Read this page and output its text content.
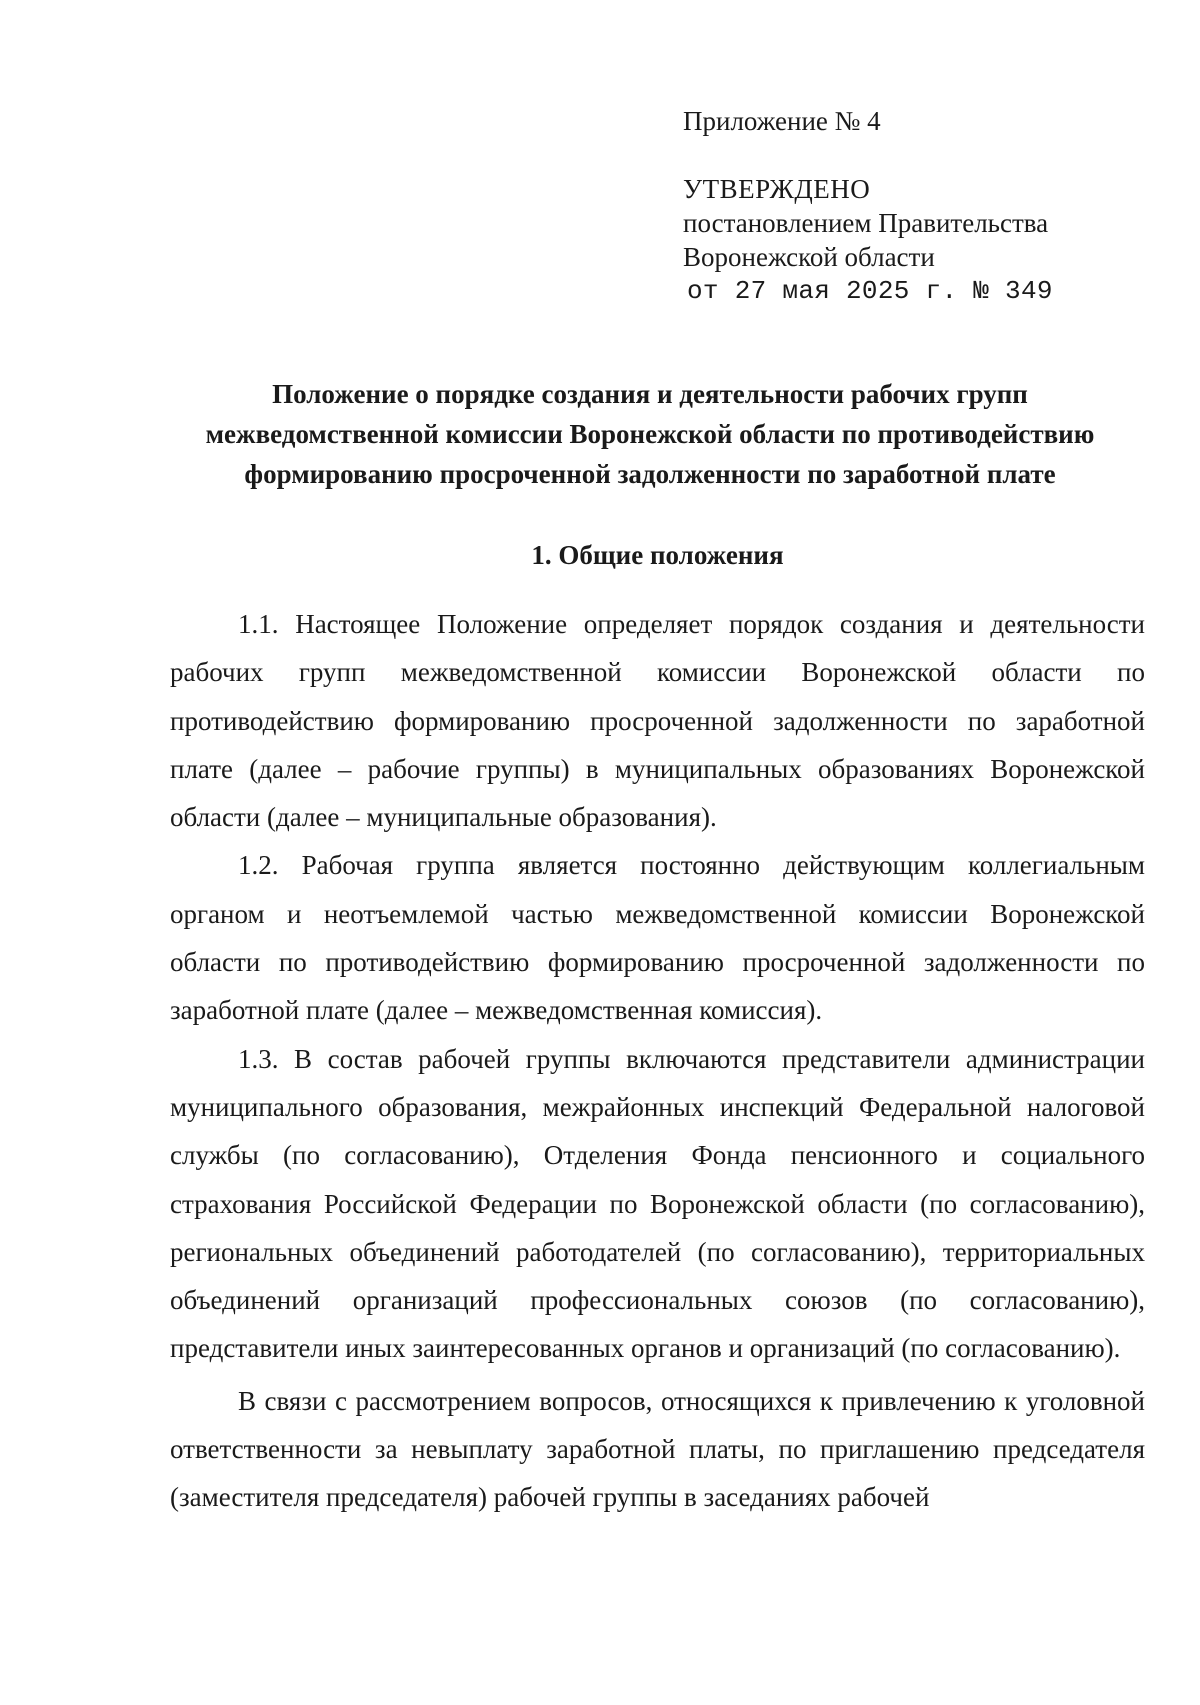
Приложение № 4

УТВЕРЖДЕНО

постановлением Правительства

Воронежской области

от 27 мая 2025 г. № 349

Положение о порядке создания и деятельности рабочих групп
межведомственной комиссии Воронежской области по противодействию
формированию просроченной задолженности по заработной плате
1. Общие положения

1.1. Настоящее Положение определяет порядок создания и деятельности рабочих групп межведомственной комиссии Воронежской области по противодействию формированию просроченной задолженности по заработной плате (далее – рабочие группы) в муниципальных образованиях Воронежской области (далее – муниципальные образования).

1.2. Рабочая группа является постоянно действующим коллегиальным органом и неотъемлемой частью межведомственной комиссии Воронежской области по противодействию формированию просроченной задолженности по заработной плате (далее – межведомственная комиссия).

1.3. В состав рабочей группы включаются представители администрации муниципального образования, межрайонных инспекций Федеральной налоговой службы (по согласованию), Отделения Фонда пенсионного и социального страхования Российской Федерации по Воронежской области (по согласованию), региональных объединений работодателей (по согласованию), территориальных объединений организаций профессиональных союзов (по согласованию), представители иных заинтересованных органов и организаций (по согласованию).

В связи с рассмотрением вопросов, относящихся к привлечению к уголовной ответственности за невыплату заработной платы, по приглашению председателя (заместителя председателя) рабочей группы в заседаниях рабочей
